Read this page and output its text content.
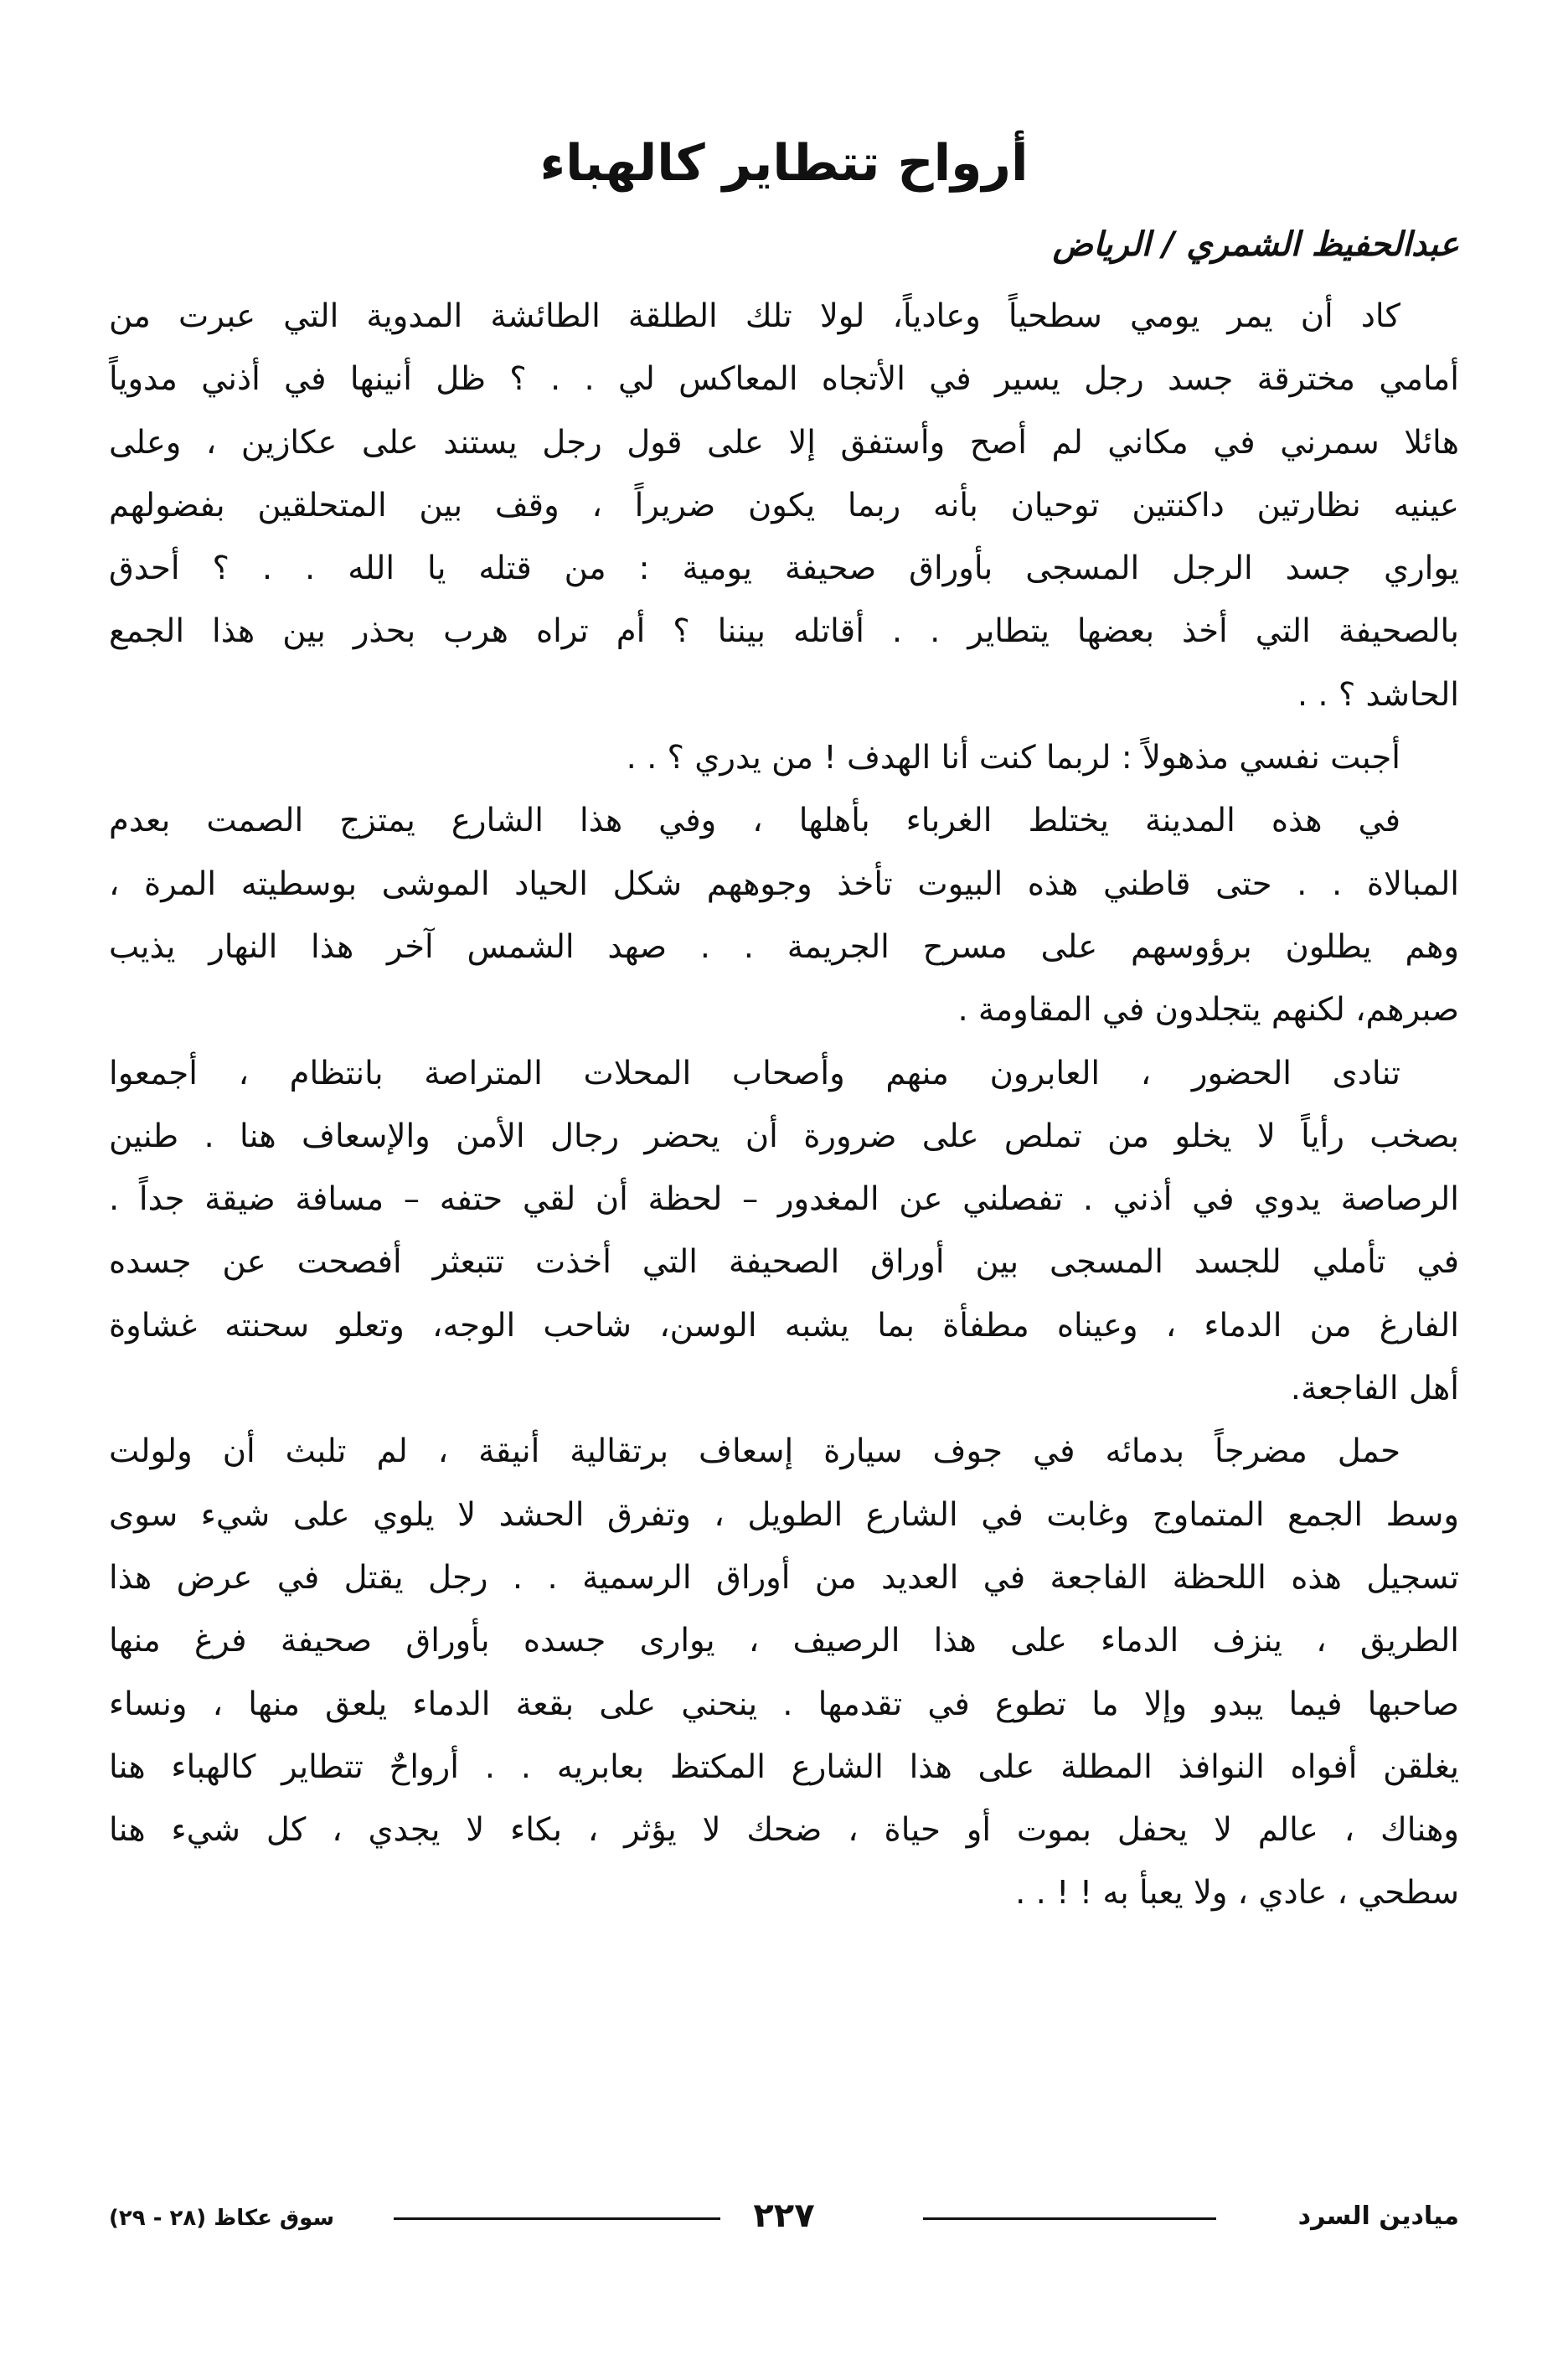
أرواح تتطاير كالهباء
عبدالحفيظ الشمري / الرياض
كاد أن يمر يومي سطحياً وعادياً، لولا تلك الطلقة الطائشة المدوية التي عبرت من
أمامي مخترقة جسد رجل يسير في الأتجاه المعاكس لي . . ؟ ظل أنينها في أذني مدوياً
هائلا سمرني في مكاني لم أصح وأستفق إلا على قول رجل يستند على عكازين ، وعلى
عينيه نظارتين داكنتين توحيان بأنه ربما يكون ضريراً ، وقف بين المتحلقين بفضولهم
يواري جسد الرجل المسجى بأوراق صحيفة يومية : من قتله يا الله . . ؟ أحدق
بالصحيفة التي أخذ بعضها يتطاير . . أقاتله بيننا ؟ أم تراه هرب بحذر بين هذا الجمع
الحاشد ؟ . .
أجبت نفسي مذهولاً : لربما كنت أنا الهدف ! من يدري ؟ . .
في هذه المدينة يختلط الغرباء بأهلها ، وفي هذا الشارع يمتزج الصمت بعدم
المبالاة . . حتى قاطني هذه البيوت تأخذ وجوههم شكل الحياد الموشى بوسطيته المرة ،
وهم يطلون برؤوسهم على مسرح الجريمة . . صهد الشمس آخر هذا النهار يذيب
صبرهم، لكنهم يتجلدون في المقاومة .
تنادى الحضور ، العابرون منهم وأصحاب المحلات المتراصة بانتظام ، أجمعوا
بصخب رأياً لا يخلو من تملص على ضرورة أن يحضر رجال الأمن والإسعاف هنا . طنين
الرصاصة يدوي في أذني . تفصلني عن المغدور – لحظة أن لقي حتفه – مسافة ضيقة جداً .
في تأملي للجسد المسجى بين أوراق الصحيفة التي أخذت تتبعثر أفصحت عن جسده
الفارغ من الدماء ، وعيناه مطفأة بما يشبه الوسن، شاحب الوجه، وتعلو سحنته غشاوة
أهل الفاجعة.
حمل مضرجاً بدمائه في جوف سيارة إسعاف برتقالية أنيقة ، لم تلبث أن ولولت
وسط الجمع المتماوج وغابت في الشارع الطويل ، وتفرق الحشد لا يلوي على شيء سوى
تسجيل هذه اللحظة الفاجعة في العديد من أوراق الرسمية . . رجل يقتل في عرض هذا
الطريق ، ينزف الدماء على هذا الرصيف ، يوارى جسده بأوراق صحيفة فرغ منها
صاحبها فيما يبدو وإلا ما تطوع في تقدمها . ينحني على بقعة الدماء يلعق منها ، ونساء
يغلقن أفواه النوافذ المطلة على هذا الشارع المكتظ بعابريه . . أرواحٌ تتطاير كالهباء هنا
وهناك ، عالم لا يحفل بموت أو حياة ، ضحك لا يؤثر ، بكاء لا يجدي ، كل شيء هنا
سطحي ، عادي ، ولا يعبأ به ! ! . .
ميادين السرد
٢٢٧
سوق عكاظ (٢٨ - ٢٩)
